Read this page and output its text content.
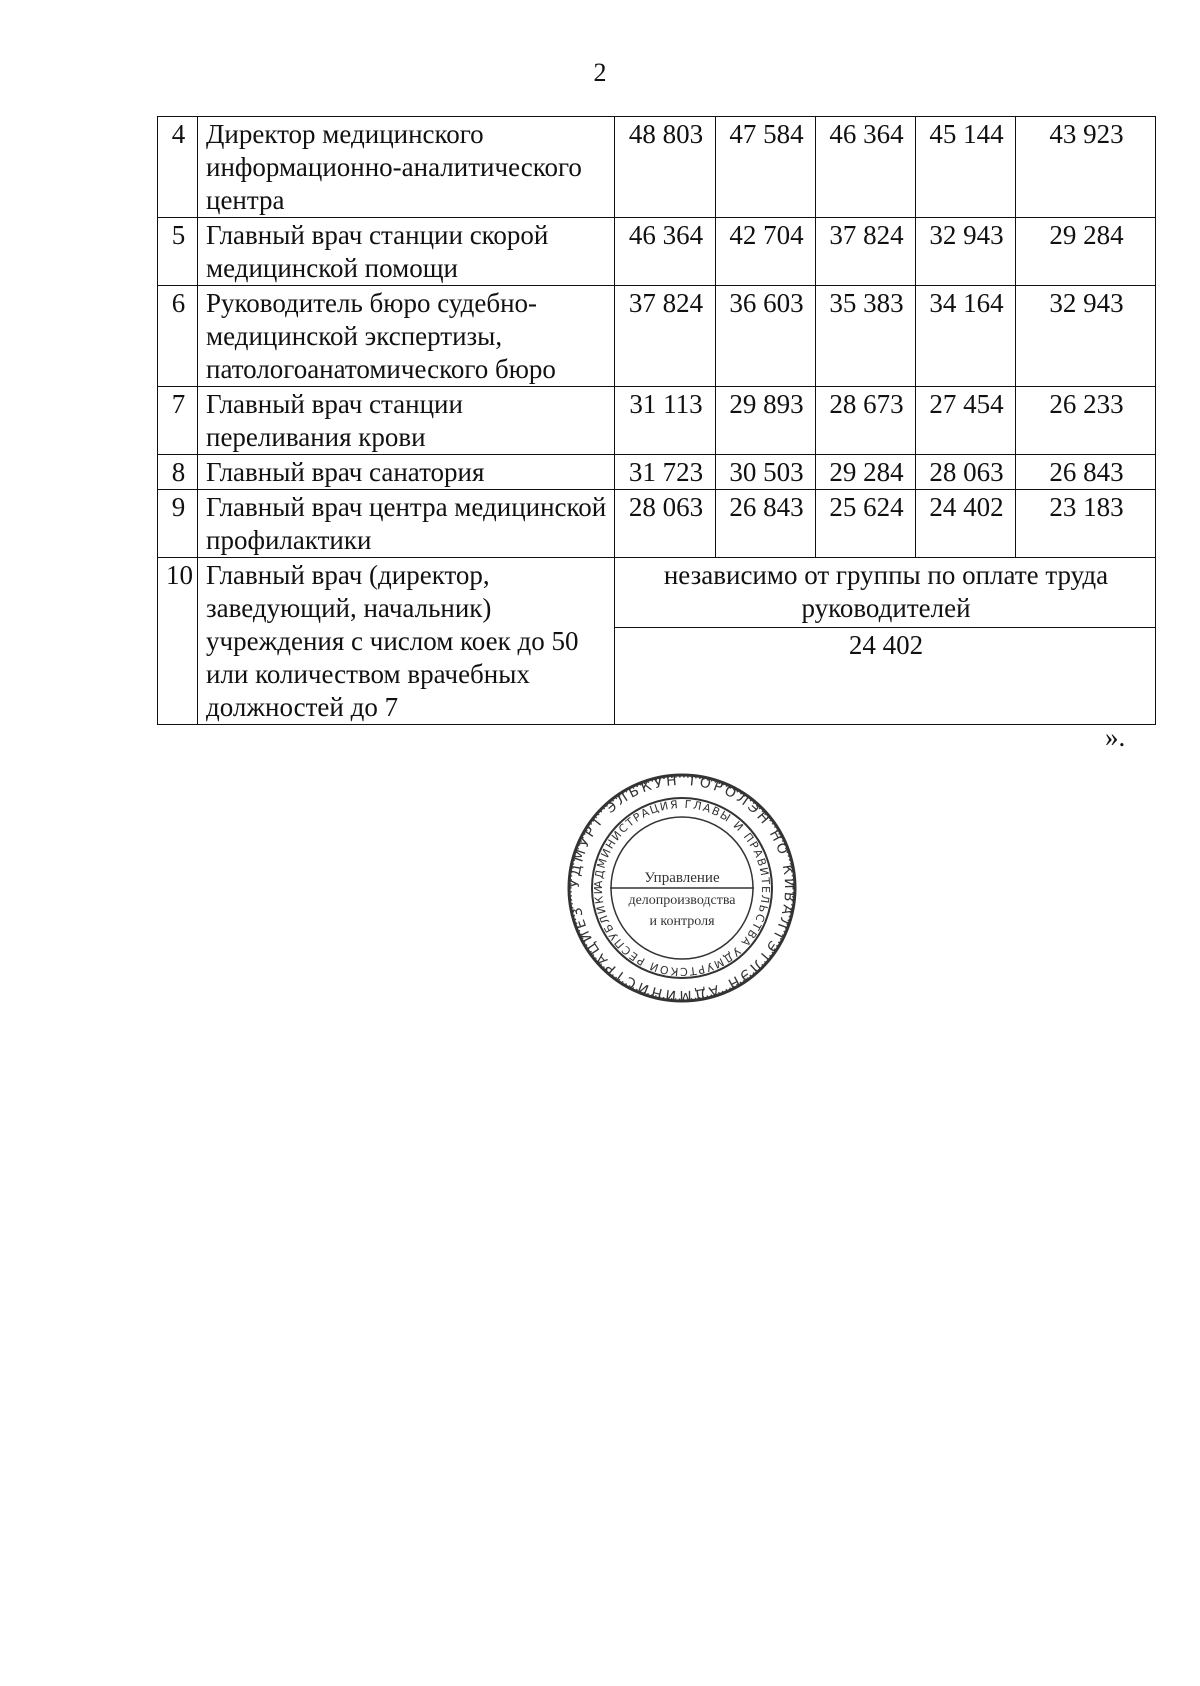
2
4	Директор медицинского информационно-аналитического центра	48 803	47 584	46 364	45 144	43 923
5	Главный врач станции скорой медицинской помощи	46 364	42 704	37 824	32 943	29 284
6	Руководитель бюро судебно-медицинской экспертизы, патологоанатомического бюро	37 824	36 603	35 383	34 164	32 943
7	Главный врач станции переливания крови	31 113	29 893	28 673	27 454	26 233
8	Главный врач санатория	31 723	30 503	29 284	28 063	26 843
9	Главный врач центра медицинской профилактики	28 063	26 843	25 624	24 402	23 183
10	Главный врач (директор, заведующий, начальник) учреждения с числом коек до 50 или количеством врачебных должностей до 7	независимо от группы по оплате труда руководителей				
		24 402				
».
УДМУРТ ЭЛЬКУН ТОРОЛЭН НО КИВАЛТЭТЛЭН АДМИНИСТРАЦИЕЗ
АДМИНИСТРАЦИЯ ГЛАВЫ И ПРАВИТЕЛЬСТВА УДМУРТСКОЙ РЕСПУБЛИКИ
Управление
делопроизводства
и контроля
